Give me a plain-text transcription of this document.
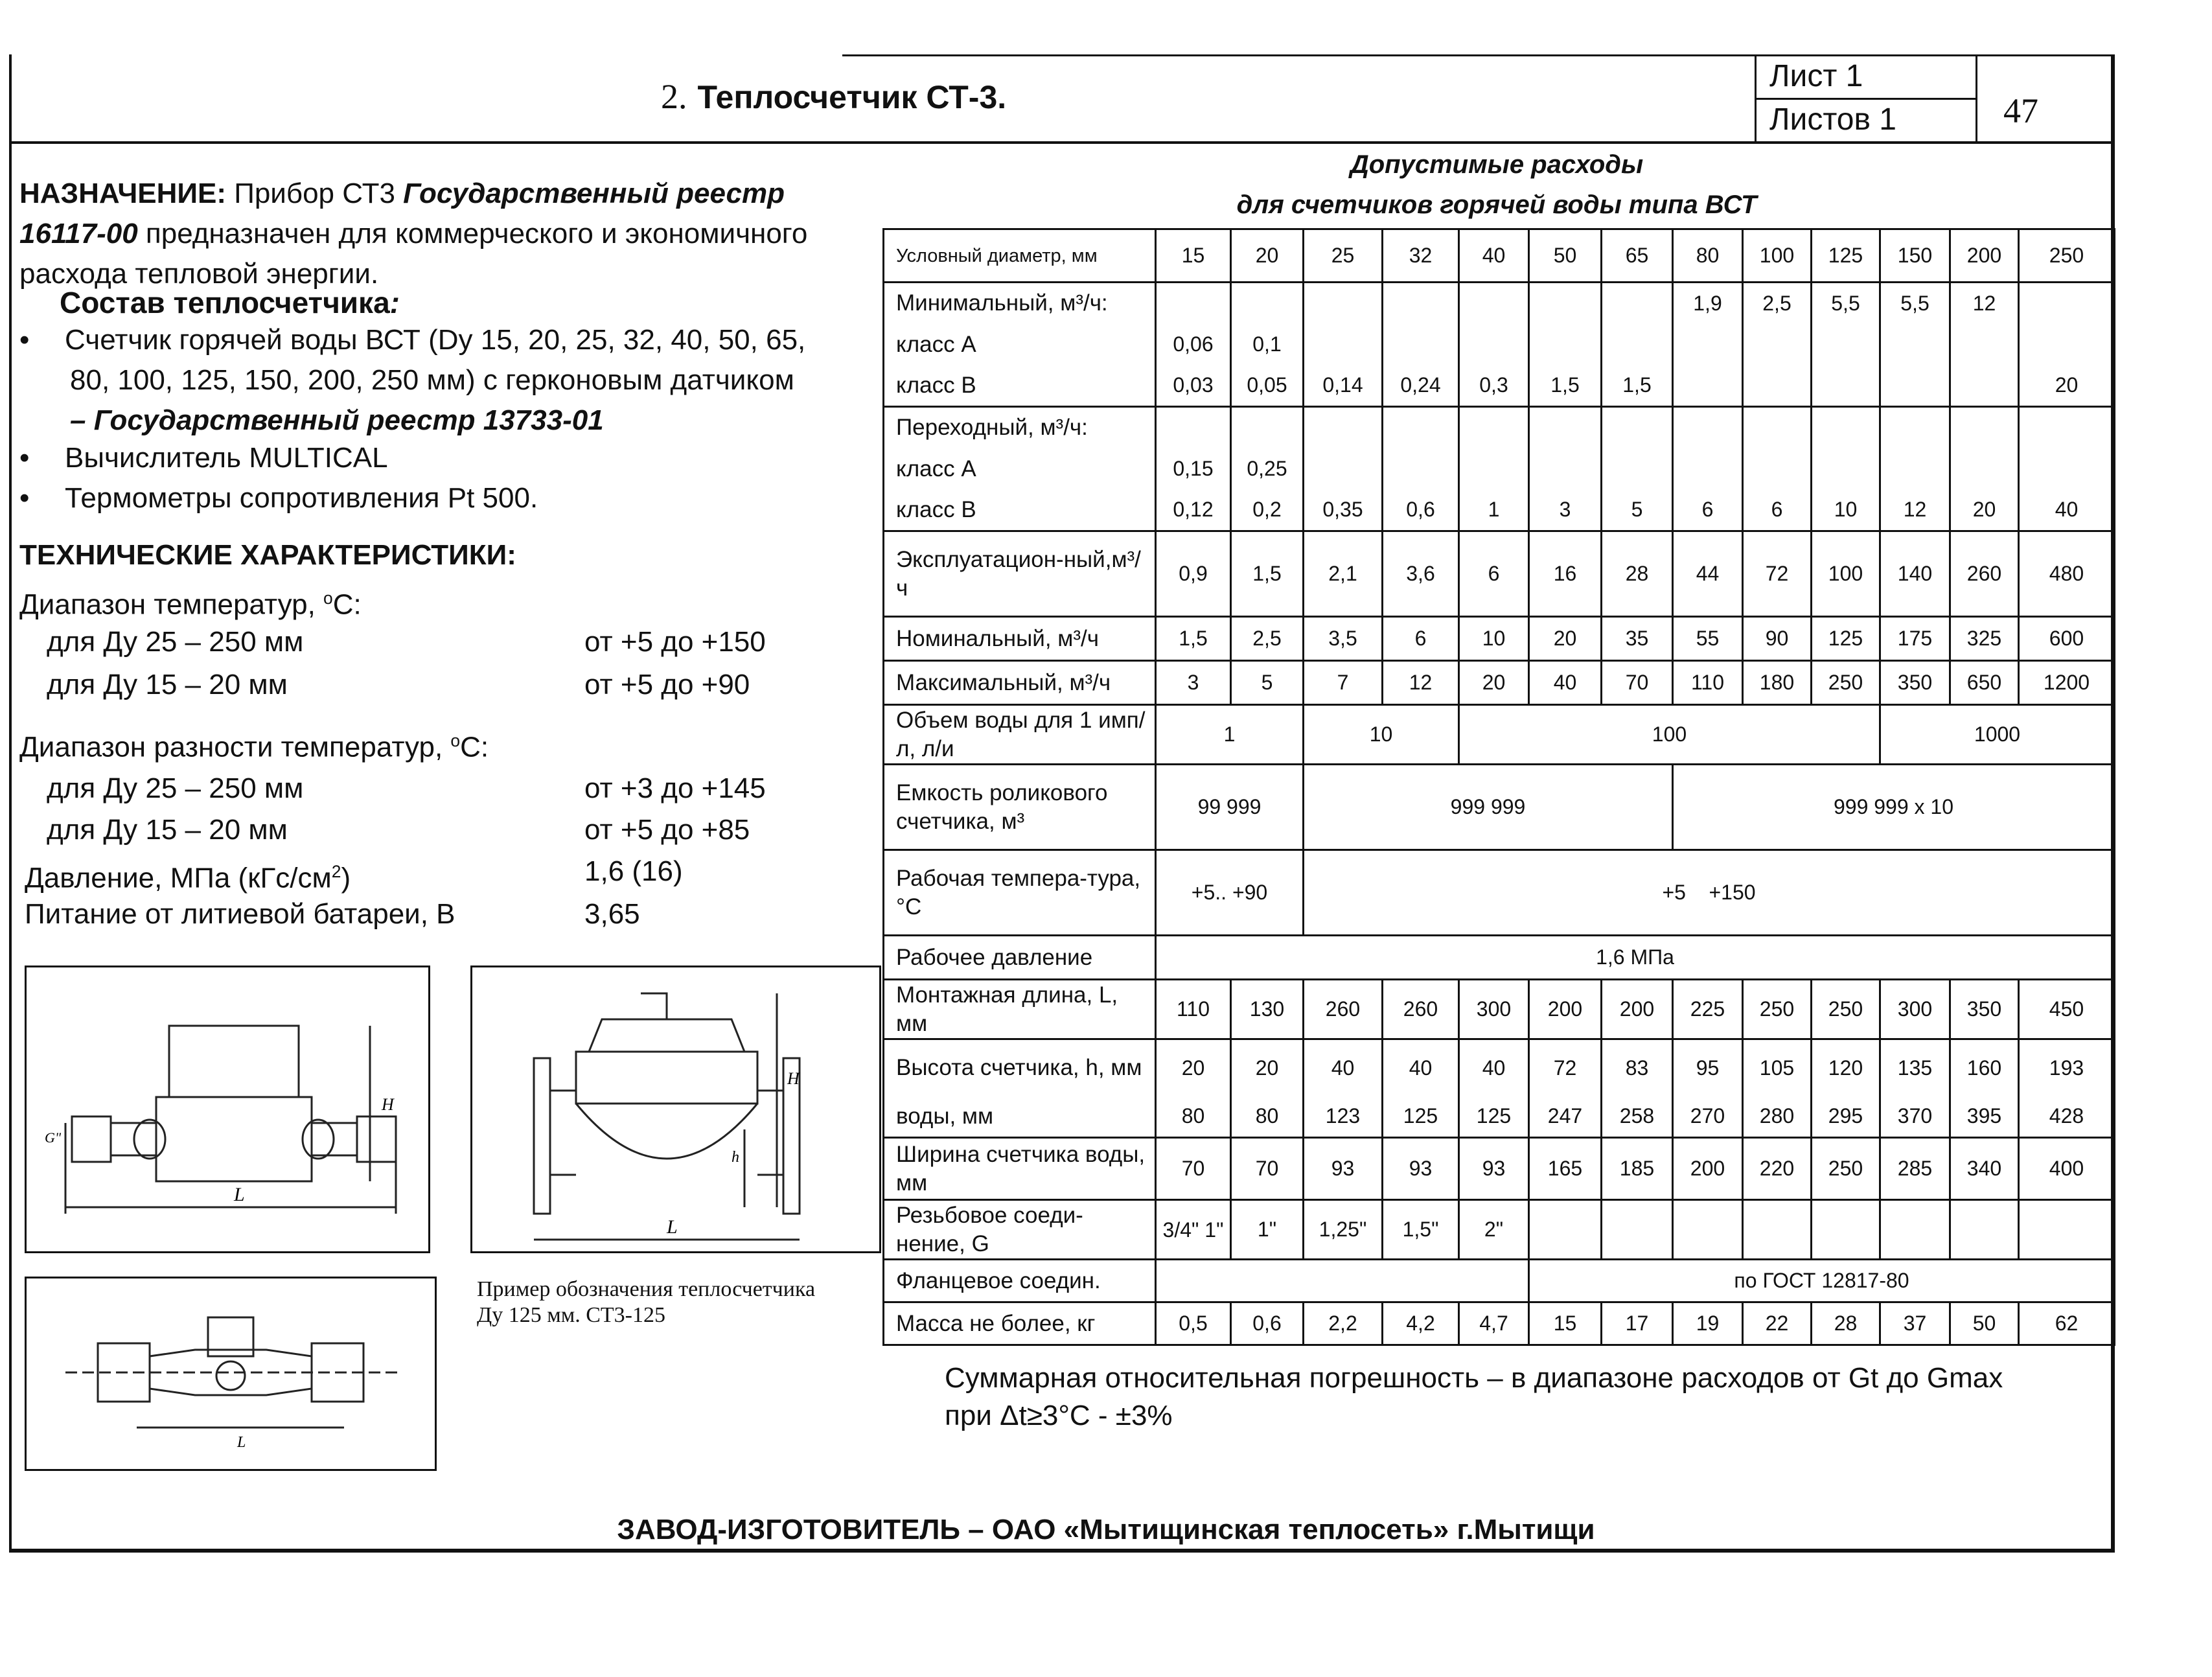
2. Теплосчетчик СТ-3.
Лист 1
Листов 1	47
НАЗНАЧЕНИЕ: Прибор СТ3 Государственный реестр
16117-00 предназначен для коммерческого и экономичного
расхода тепловой энергии.
Состав теплосчетчика:
• Счетчик горячей воды ВСТ (Dy 15, 20, 25, 32, 40, 50, 65,
80, 100, 125, 150, 200, 250 мм) с герконовым датчиком
– Государственный реестр 13733-01
• Вычислитель MULTICAL
• Термометры сопротивления Pt 500.
ТЕХНИЧЕСКИЕ ХАРАКТЕРИСТИКИ:
Диапазон температур, $^o$C:
для Ду 25 – 250 мм	от +5 до +150
для Ду 15 – 20 мм	от +5 до +90
Диапазон разности температур, $^o$C:
для Ду 25 – 250 мм	от +3 до +145
для Ду 15 – 20 мм	от +5 до +85
Давление, МПа $(кГс/см^2)$	1,6 (16)
Питание от литиевой батареи, В	3,65
L
H
G"
L
H
h
L
Пример обозначения теплосчетчика
Ду 125 мм. СТ3-125
Допустимые расходы
для счетчиков горячей воды типа ВСТ
Условный диаметр, мм	15	20	25	32	40	50	65	80	100	125	150	200	250
Минимальный, м³/ч:								1,9	2,5	5,5	5,5	12	
класс А	0,06	0,1											
класс В	0,03	0,05	0,14	0,24	0,3	1,5	1,5						20
Переходный, м³/ч:													
класс А	0,15	0,25											
класс В	0,12	0,2	0,35	0,6	1	3	5	6	6	10	12	20	40
Эксплуатацион-ный,м³/ч	0,9	1,5	2,1	3,6	6	16	28	44	72	100	140	260	480
Номинальный, м³/ч	1,5	2,5	3,5	6	10	20	35	55	90	125	175	325	600
Максимальный, м³/ч	3	5	7	12	20	40	70	110	180	250	350	650	1200
Объем воды для 1 имп/л, л/и	1		10		100						1000		
Емкость роликового счетчика, м³	99 999		999 999					999 999 x 10					
Рабочая темпера-тура, °С	+5.. +90		+5    +150										
Рабочее давление	1,6 МПа												
Монтажная длина, L, мм	110	130	260	260	300	200	200	225	250	250	300	350	450
Высота счетчика, h, мм	20	20	40	40	40	72	83	95	105	120	135	160	193
воды, мм	80	80	123	125	125	247	258	270	280	295	370	395	428
Ширина счетчика воды, мм	70	70	93	93	93	165	185	200	220	250	285	340	400
Резьбовое соеди-нение, G	3/4" 1"	1"	1,25"	1,5"	2"								
Фланцевое соедин.						по ГОСТ 12817-80							
Масса не более, кг	0,5	0,6	2,2	4,2	4,7	15	17	19	22	28	37	50	62
Суммарная относительная погрешность – в диапазоне расходов от Gt до Gmax
при Δt≥3°С - ±3%
ЗАВОД-ИЗГОТОВИТЕЛЬ – ОАО «Мытищинская теплосеть» г.Мытищи
